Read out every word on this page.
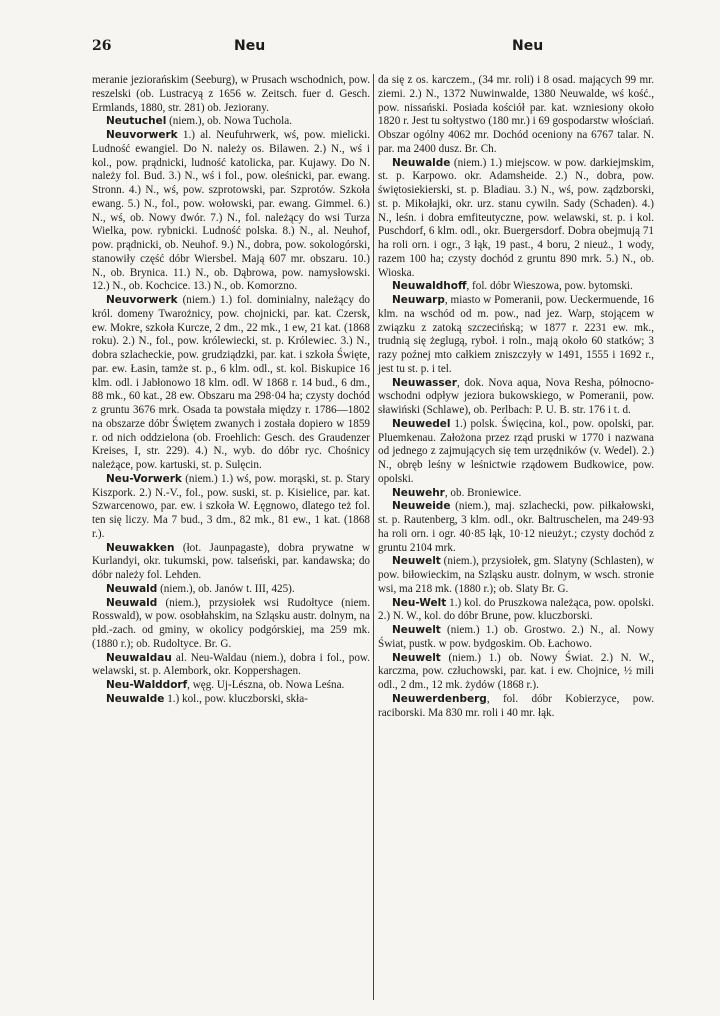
26	Neu	Neu

meranie jeziorańskim (Seeburg), w Prusach wschodnich, pow. reszelski (ob. Lustracyą z 1656 w. Zeitsch. fuer d. Gesch. Ermlands, 1880, str. 281) ob. Jeziorany.

Neutuchel (niem.), ob. Nowa Tuchola.

Neuvorwerk 1.) al. Neufuhrwerk, wś, pow. mielicki. Ludność ewangiel. Do N. należy os. Bilawen. 2.) N., wś i kol., pow. prądnicki, ludność katolicka, par. Kujawy. Do N. należy fol. Bud. 3.) N., wś i fol., pow. oleśnicki, par. ewang. Stronn. 4.) N., wś, pow. szprotowski, par. Szprotów. Szkoła ewang. 5.) N., fol., pow. wołowski, par. ewang. Gimmel. 6.) N., wś, ob. Nowy dwór. 7.) N., fol. należący do wsi Turza Wielka, pow. rybnicki. Ludność polska. 8.) N., al. Neuhof, pow. prądnicki, ob. Neuhof. 9.) N., dobra, pow. sokologórski, stanowiły część dóbr Wiersbel. Mają 607 mr. obszaru. 10.) N., ob. Brynica. 11.) N., ob. Dąbrowa, pow. namysłowski. 12.) N., ob. Kochcice. 13.) N., ob. Komorzno.

Neuvorwerk (niem.) 1.) fol. dominialny, należący do król. domeny Twarożnicy, pow. chojnicki, par. kat. Czersk, ew. Mokre, szkoła Kurcze, 2 dm., 22 mk., 1 ew, 21 kat. (1868 roku). 2.) N., fol., pow. królewiecki, st. p. Królewiec. 3.) N., dobra szlacheckie, pow. grudziądzki, par. kat. i szkoła Święte, par. ew. Łasin, tamże st. p., 6 klm. odl., st. kol. Biskupice 16 klm. odl. i Jabłonowo 18 klm. odl. W 1868 r. 14 bud., 6 dm., 88 mk., 60 kat., 28 ew. Obszaru ma 298·04 ha; czysty dochód z gruntu 3676 mrk. Osada ta powstała między r. 1786—1802 na obszarze dóbr Świętem zwanych i została dopiero w 1859 r. od nich oddzielona (ob. Froehlich: Gesch. des Graudenzer Kreises, I, str. 229). 4.) N., wyb. do dóbr ryc. Chośnicy należące, pow. kartuski, st. p. Sulęcin.

Neu-Vorwerk (niem.) 1.) wś, pow. morąski, st. p. Stary Kiszpork. 2.) N.-V., fol., pow. suski, st. p. Kisielice, par. kat. Szwarcenowo, par. ew. i szkoła W. Łęgnowo, dlatego też fol. ten się liczy. Ma 7 bud., 3 dm., 82 mk., 81 ew., 1 kat. (1868 r.).

Neuwakken (łot. Jaunpagaste), dobra prywatne w Kurlandyi, okr. tukumski, pow. talseński, par. kandawska; do dóbr należy fol. Lehden.

Neuwald (niem.), ob. Janów t. III, 425).

Neuwald (niem.), przysiołek wsi Rudołtyce (niem. Rosswald), w pow. osobłahskim, na Szląsku austr. dolnym, na płd.-zach. od gminy, w okolicy podgórskiej, ma 259 mk. (1880 r.); ob. Rudoltyce. Br. G.

Neuwaldau al. Neu-Waldau (niem.), dobra i fol., pow. welawski, st. p. Alembork, okr. Koppershagen.

Neu-Walddorf, węg. Uj-Lészna, ob. Nowa Leśna.

Neuwalde 1.) kol., pow. kluczborski, skła-

da się z os. karczem., (34 mr. roli) i 8 osad. mających 99 mr. ziemi. 2.) N., 1372 Nuwinwalde, 1380 Neuwalde, wś kość., pow. nissański. Posiada kościół par. kat. wzniesiony około 1820 r. Jest tu sołtystwo (180 mr.) i 69 gospodarstw włościań. Obszar ogólny 4062 mr. Dochód oceniony na 6767 talar. N. par. ma 2400 dusz. Br. Ch.

Neuwalde (niem.) 1.) miejscow. w pow. darkiejmskim, st. p. Karpowo. okr. Adamsheide. 2.) N., dobra, pow. świętosiekierski, st. p. Bladiau. 3.) N., wś, pow. ządzborski, st. p. Mikołajki, okr. urz. stanu cywiln. Sady (Schaden). 4.) N., leśn. i dobra emfiteutyczne, pow. welawski, st. p. i kol. Puschdorf, 6 klm. odl., okr. Buergersdorf. Dobra obejmują 71 ha roli orn. i ogr., 3 łąk, 19 past., 4 boru, 2 nieuż., 1 wody, razem 100 ha; czysty dochód z gruntu 890 mrk. 5.) N., ob. Wioska.

Neuwaldhoff, fol. dóbr Wieszowa, pow. bytomski.

Neuwarp, miasto w Pomeranii, pow. Ueckermuende, 16 klm. na wschód od m. pow., nad jez. Warp, stojącem w związku z zatoką szczecińską; w 1877 r. 2231 ew. mk., trudnią się żeglugą, ryboł. i roln., mają około 60 statków; 3 razy poźnej mto całkiem zniszczyły w 1491, 1555 i 1692 r., jest tu st. p. i tel.

Neuwasser, dok. Nova aqua, Nova Resha, północno-wschodni odpływ jeziora bukowskiego, w Pomeranii, pow. sławiński (Schlawe), ob. Perlbach: P. U. B. str. 176 i t. d.

Neuwedel 1.) polsk. Święcina, kol., pow. opolski, par. Pluemkenau. Założona przez rząd pruski w 1770 i nazwana od jednego z zajmujących się tem urzędników (v. Wedel). 2.) N., obręb leśny w leśnictwie rządowem Budkowice, pow. opolski.

Neuwehr, ob. Broniewice.

Neuweide (niem.), maj. szlachecki, pow. piłkałowski, st. p. Rautenberg, 3 klm. odl., okr. Baltruschelen, ma 249·93 ha roli orn. i ogr. 40·85 łąk, 10·12 nieużyt.; czysty dochód z gruntu 2104 mrk.

Neuwelt (niem.), przysiołek, gm. Slatyny (Schlasten), w pow. biłowieckim, na Szląsku austr. dolnym, w wsch. stronie wsi, ma 218 mk. (1880 r.); ob. Slaty Br. G.

Neu-Welt 1.) kol. do Pruszkowa należąca, pow. opolski. 2.) N. W., kol. do dóbr Brune, pow. kluczborski.

Neuwelt (niem.) 1.) ob. Grostwo. 2.) N., al. Nowy Świat, pustk. w pow. bydgoskim. Ob. Łachowo.

Neuwelt (niem.) 1.) ob. Nowy Świat. 2.) N. W., karczma, pow. człuchowski, par. kat. i ew. Chojnice, ½ mili odl., 2 dm., 12 mk. żydów (1868 r.).

Neuwerdenberg, fol. dóbr Kobierzyce, pow. raciborski. Ma 830 mr. roli i 40 mr. łąk.
